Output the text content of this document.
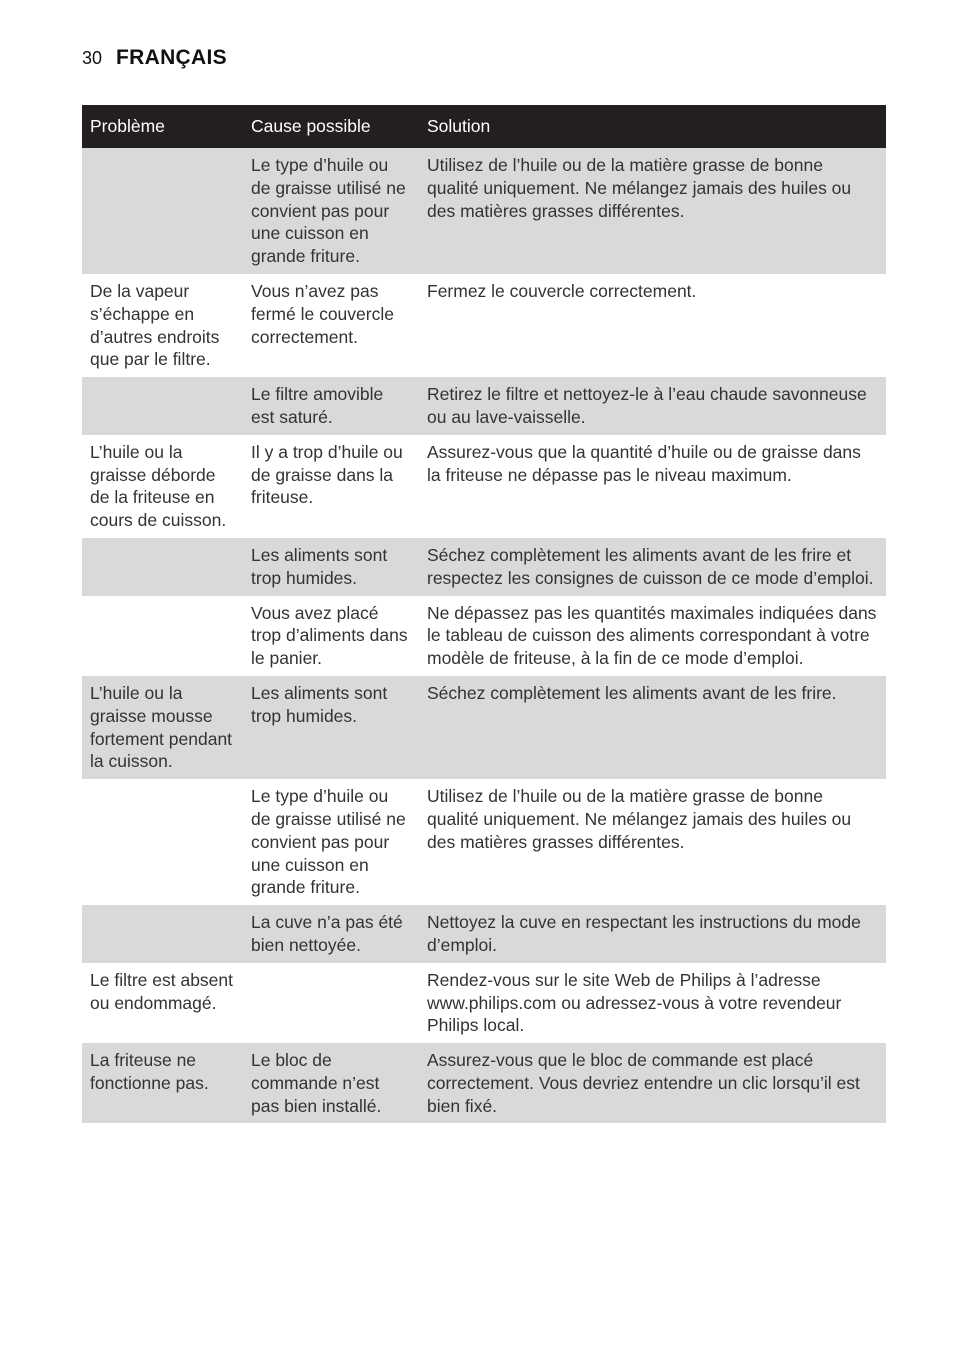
30 FRANÇAIS
Problème	Cause possible	Solution
	Le type d’huile ou de graisse utilisé ne convient pas pour une cuisson en grande friture.	Utilisez de l’huile ou de la matière grasse de bonne qualité uniquement. Ne mélangez jamais des huiles ou des matières grasses différentes.
De la vapeur s’échappe en d’autres endroits que par le filtre.	Vous n’avez pas fermé le couvercle correctement.	Fermez le couvercle correctement.
	Le filtre amovible est saturé.	Retirez le filtre et nettoyez-le à l’eau chaude savonneuse ou au lave-vaisselle.
L’huile ou la graisse déborde de la friteuse en cours de cuisson.	Il y a trop d’huile ou de graisse dans la friteuse.	Assurez-vous que la quantité d’huile ou de graisse dans la friteuse ne dépasse pas le niveau maximum.
	Les aliments sont trop humides.	Séchez complètement les aliments avant de les frire et respectez les consignes de cuisson de ce mode d’emploi.
	Vous avez placé trop d’aliments dans le panier.	Ne dépassez pas les quantités maximales indiquées dans le tableau de cuisson des aliments correspondant à votre modèle de friteuse, à la fin de ce mode d’emploi.
L’huile ou la graisse mousse fortement pendant la cuisson.	Les aliments sont trop humides.	Séchez complètement les aliments avant de les frire.
	Le type d’huile ou de graisse utilisé ne convient pas pour une cuisson en grande friture.	Utilisez de l’huile ou de la matière grasse de bonne qualité uniquement. Ne mélangez jamais des huiles ou des matières grasses différentes.
	La cuve n’a pas été bien nettoyée.	Nettoyez la cuve en respectant les instructions du mode d’emploi.
Le filtre est absent ou endommagé.		Rendez-vous sur le site Web de Philips à l’adresse www.philips.com ou adressez-vous à votre revendeur Philips local.
La friteuse ne fonctionne pas.	Le bloc de commande n’est pas bien installé.	Assurez-vous que le bloc de commande est placé correctement. Vous devriez entendre un clic lorsqu’il est bien fixé.
